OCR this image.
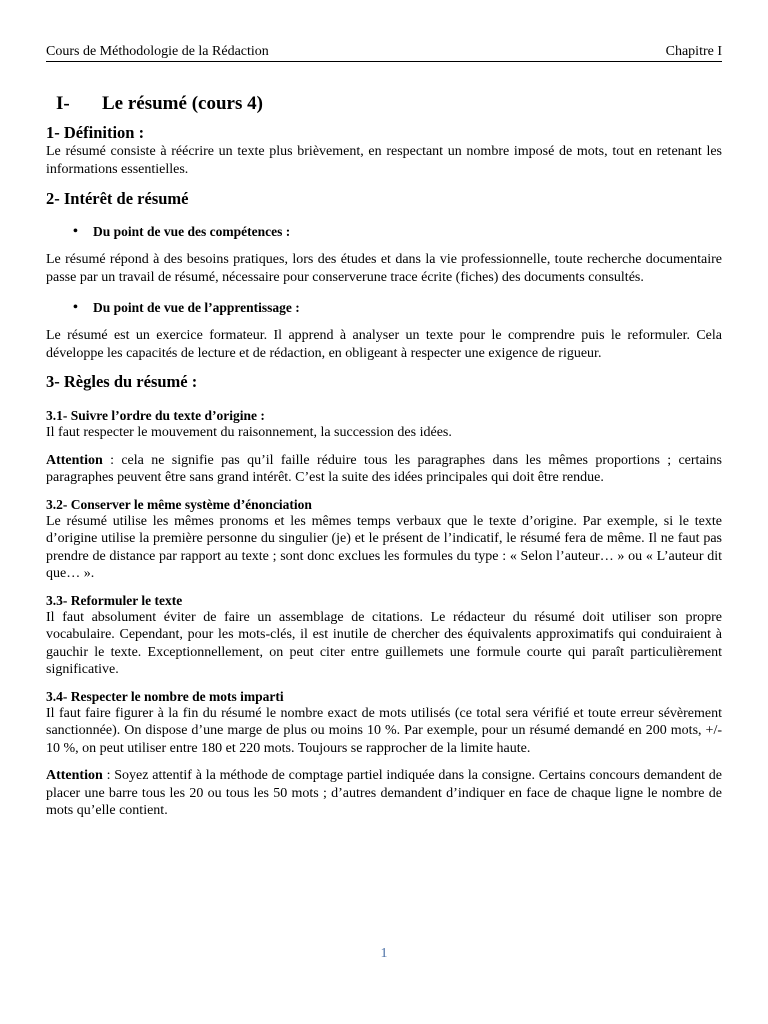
Cours de Méthodologie de la Rédaction	Chapitre I
I- Le résumé (cours 4)
1- Définition :

Le résumé consiste à réécrire un texte plus brièvement, en respectant un nombre imposé de mots, tout en retenant les informations essentielles.

2- Intérêt de résumé
• Du point de vue des compétences :

Le résumé répond à des besoins pratiques, lors des études et dans la vie professionnelle, toute recherche documentaire passe par un travail de résumé, nécessaire pour conserverune trace écrite (fiches) des documents consultés.

• Du point de vue de l’apprentissage :

Le résumé est un exercice formateur. Il apprend à analyser un texte pour le comprendre puis le reformuler. Cela développe les capacités de lecture et de rédaction, en obligeant à respecter une exigence de rigueur.

3- Règles du résumé :
3.1- Suivre l’ordre du texte d’origine :

Il faut respecter le mouvement du raisonnement, la succession des idées.

Attention : cela ne signifie pas qu’il faille réduire tous les paragraphes dans les mêmes proportions ; certains paragraphes peuvent être sans grand intérêt. C’est la suite des idées principales qui doit être rendue.

3.2- Conserver le même système d’énonciation

Le résumé utilise les mêmes pronoms et les mêmes temps verbaux que le texte d’origine. Par exemple, si le texte d’origine utilise la première personne du singulier (je) et le présent de l’indicatif, le résumé fera de même. Il ne faut pas prendre de distance par rapport au texte ; sont donc exclues les formules du type : « Selon l’auteur… » ou « L’auteur dit que… ».

3.3- Reformuler le texte

Il faut absolument éviter de faire un assemblage de citations. Le rédacteur du résumé doit utiliser son propre vocabulaire. Cependant, pour les mots-clés, il est inutile de chercher des équivalents approximatifs qui conduiraient à gauchir le texte. Exceptionnellement, on peut citer entre guillemets une formule courte qui paraît particulièrement significative.

3.4- Respecter le nombre de mots imparti

Il faut faire figurer à la fin du résumé le nombre exact de mots utilisés (ce total sera vérifié et toute erreur sévèrement sanctionnée). On dispose d’une marge de plus ou moins 10 %. Par exemple, pour un résumé demandé en 200 mots, +/- 10 %, on peut utiliser entre 180 et 220 mots. Toujours se rapprocher de la limite haute.

Attention : Soyez attentif à la méthode de comptage partiel indiquée dans la consigne. Certains concours demandent de placer une barre tous les 20 ou tous les 50 mots ; d’autres demandent d’indiquer en face de chaque ligne le nombre de mots qu’elle contient.

1
